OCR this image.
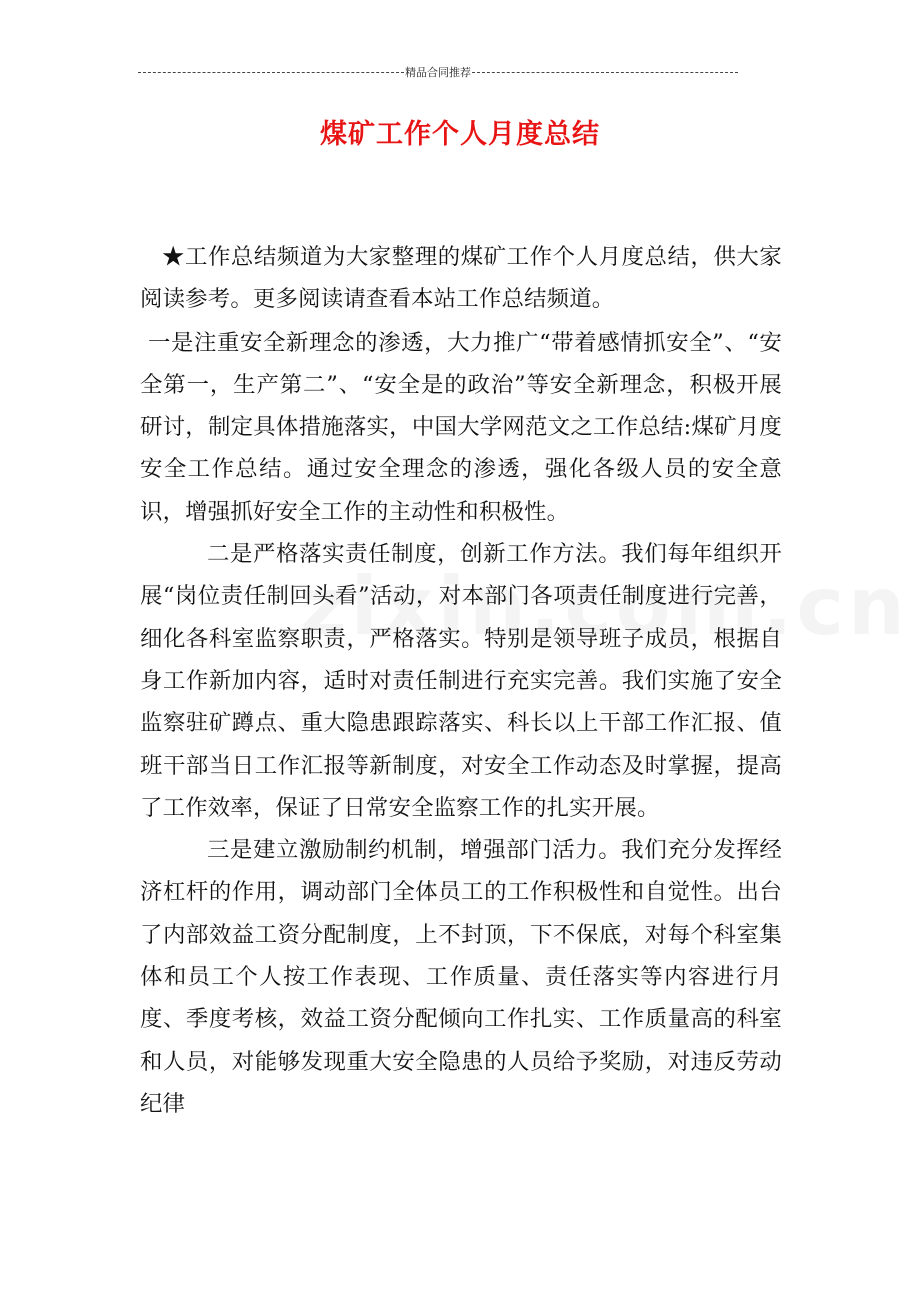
精品合同推荐
煤矿工作个人月度总结

★工作总结频道为大家整理的煤矿工作个人月度总结，供大家阅读参考。更多阅读请查看本站工作总结频道。

一是注重安全新理念的渗透，大力推广“带着感情抓安全”、“安全第一，生产第二”、“安全是的政治”等安全新理念，积极开展研讨，制定具体措施落实，中国大学网范文之工作总结:煤矿月度安全工作总结。通过安全理念的渗透，强化各级人员的安全意识，增强抓好安全工作的主动性和积极性。

二是严格落实责任制度，创新工作方法。我们每年组织开展“岗位责任制回头看”活动，对本部门各项责任制度进行完善，细化各科室监察职责，严格落实。特别是领导班子成员，根据自身工作新加内容，适时对责任制进行充实完善。我们实施了安全监察驻矿蹲点、重大隐患跟踪落实、科长以上干部工作汇报、值班干部当日工作汇报等新制度，对安全工作动态及时掌握，提高了工作效率，保证了日常安全监察工作的扎实开展。

三是建立激励制约机制，增强部门活力。我们充分发挥经济杠杆的作用，调动部门全体员工的工作积极性和自觉性。出台了内部效益工资分配制度，上不封顶，下不保底，对每个科室集体和员工个人按工作表现、工作质量、责任落实等内容进行月度、季度考核，效益工资分配倾向工作扎实、工作质量高的科室和人员，对能够发现重大安全隐患的人员给予奖励，对违反劳动纪律
